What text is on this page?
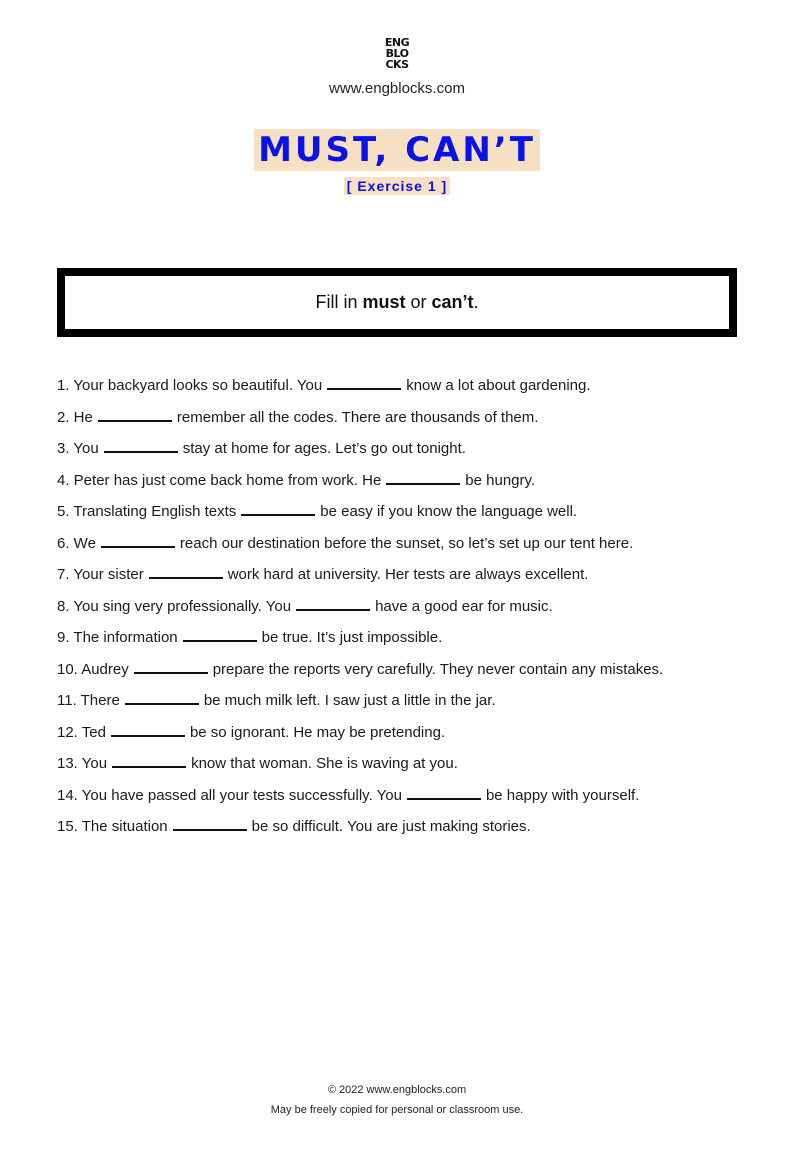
ENG
BLO
CKS
www.engblocks.com
MUST, CAN’T
[ Exercise 1 ]
Fill in must or can’t.
1. Your backyard looks so beautiful. You	know a lot about gardening.
2. He	remember all the codes. There are thousands of them.
3. You	stay at home for ages. Let’s go out tonight.
4. Peter has just come back home from work. He	be hungry.
5. Translating English texts	be easy if you know the language well.
6. We	reach our destination before the sunset, so let’s set up our tent here.
7. Your sister	work hard at university. Her tests are always excellent.
8. You sing very professionally. You	have a good ear for music.
9. The information	be true. It’s just impossible.
10. Audrey	prepare the reports very carefully. They never contain any mistakes.
11. There	be much milk left. I saw just a little in the jar.
12. Ted	be so ignorant. He may be pretending.
13. You	know that woman. She is waving at you.
14. You have passed all your tests successfully. You	be happy with yourself.
15. The situation	be so difficult. You are just making stories.
© 2022 www.engblocks.com
May be freely copied for personal or classroom use.
